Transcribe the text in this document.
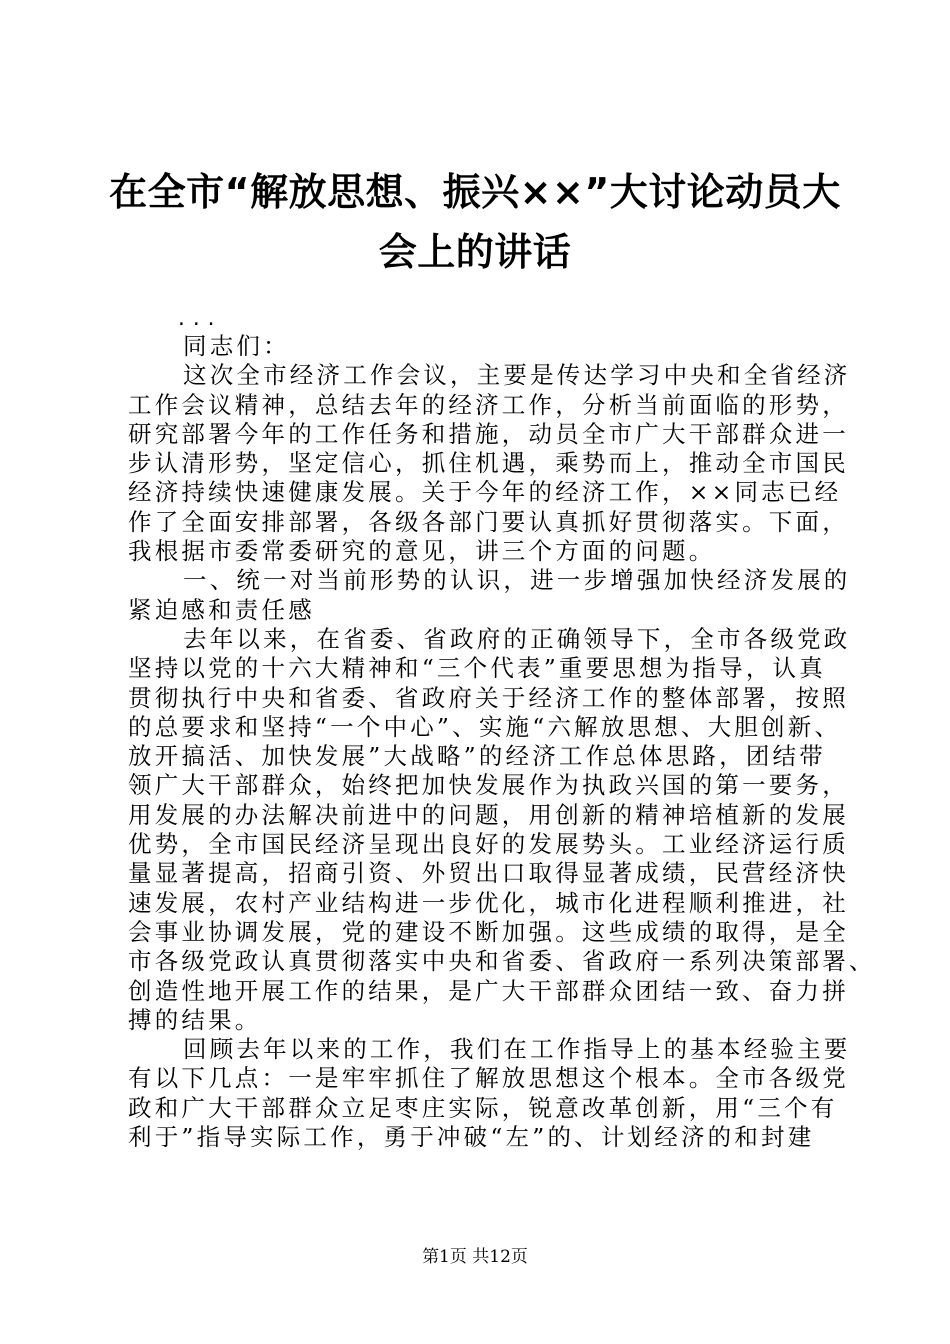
在全市“解放思想、振兴××”大讨论动员大
会上的讲话

...

同志们：

这次全市经济工作会议，主要是传达学习中央和全省经济
工作会议精神，总结去年的经济工作，分析当前面临的形势，
研究部署今年的工作任务和措施，动员全市广大干部群众进一
步认清形势，坚定信心，抓住机遇，乘势而上，推动全市国民
经济持续快速健康发展。关于今年的经济工作，××同志已经
作了全面安排部署，各级各部门要认真抓好贯彻落实。下面，
我根据市委常委研究的意见，讲三个方面的问题。

一、统一对当前形势的认识，进一步增强加快经济发展的
紧迫感和责任感

去年以来，在省委、省政府的正确领导下，全市各级党政
坚持以党的十六大精神和“三个代表”重要思想为指导，认真
贯彻执行中央和省委、省政府关于经济工作的整体部署，按照
的总要求和坚持“一个中心”、实施“六解放思想、大胆创新、
放开搞活、加快发展”大战略”的经济工作总体思路，团结带
领广大干部群众，始终把加快发展作为执政兴国的第一要务，
用发展的办法解决前进中的问题，用创新的精神培植新的发展
优势，全市国民经济呈现出良好的发展势头。工业经济运行质
量显著提高，招商引资、外贸出口取得显著成绩，民营经济快
速发展，农村产业结构进一步优化，城市化进程顺利推进，社
会事业协调发展，党的建设不断加强。这些成绩的取得，是全
市各级党政认真贯彻落实中央和省委、省政府一系列决策部署、
创造性地开展工作的结果，是广大干部群众团结一致、奋力拼
搏的结果。

回顾去年以来的工作，我们在工作指导上的基本经验主要
有以下几点：一是牢牢抓住了解放思想这个根本。全市各级党
政和广大干部群众立足枣庄实际，锐意改革创新，用“三个有
利于”指导实际工作，勇于冲破“左”的、计划经济的和封建

第1页 共12页
